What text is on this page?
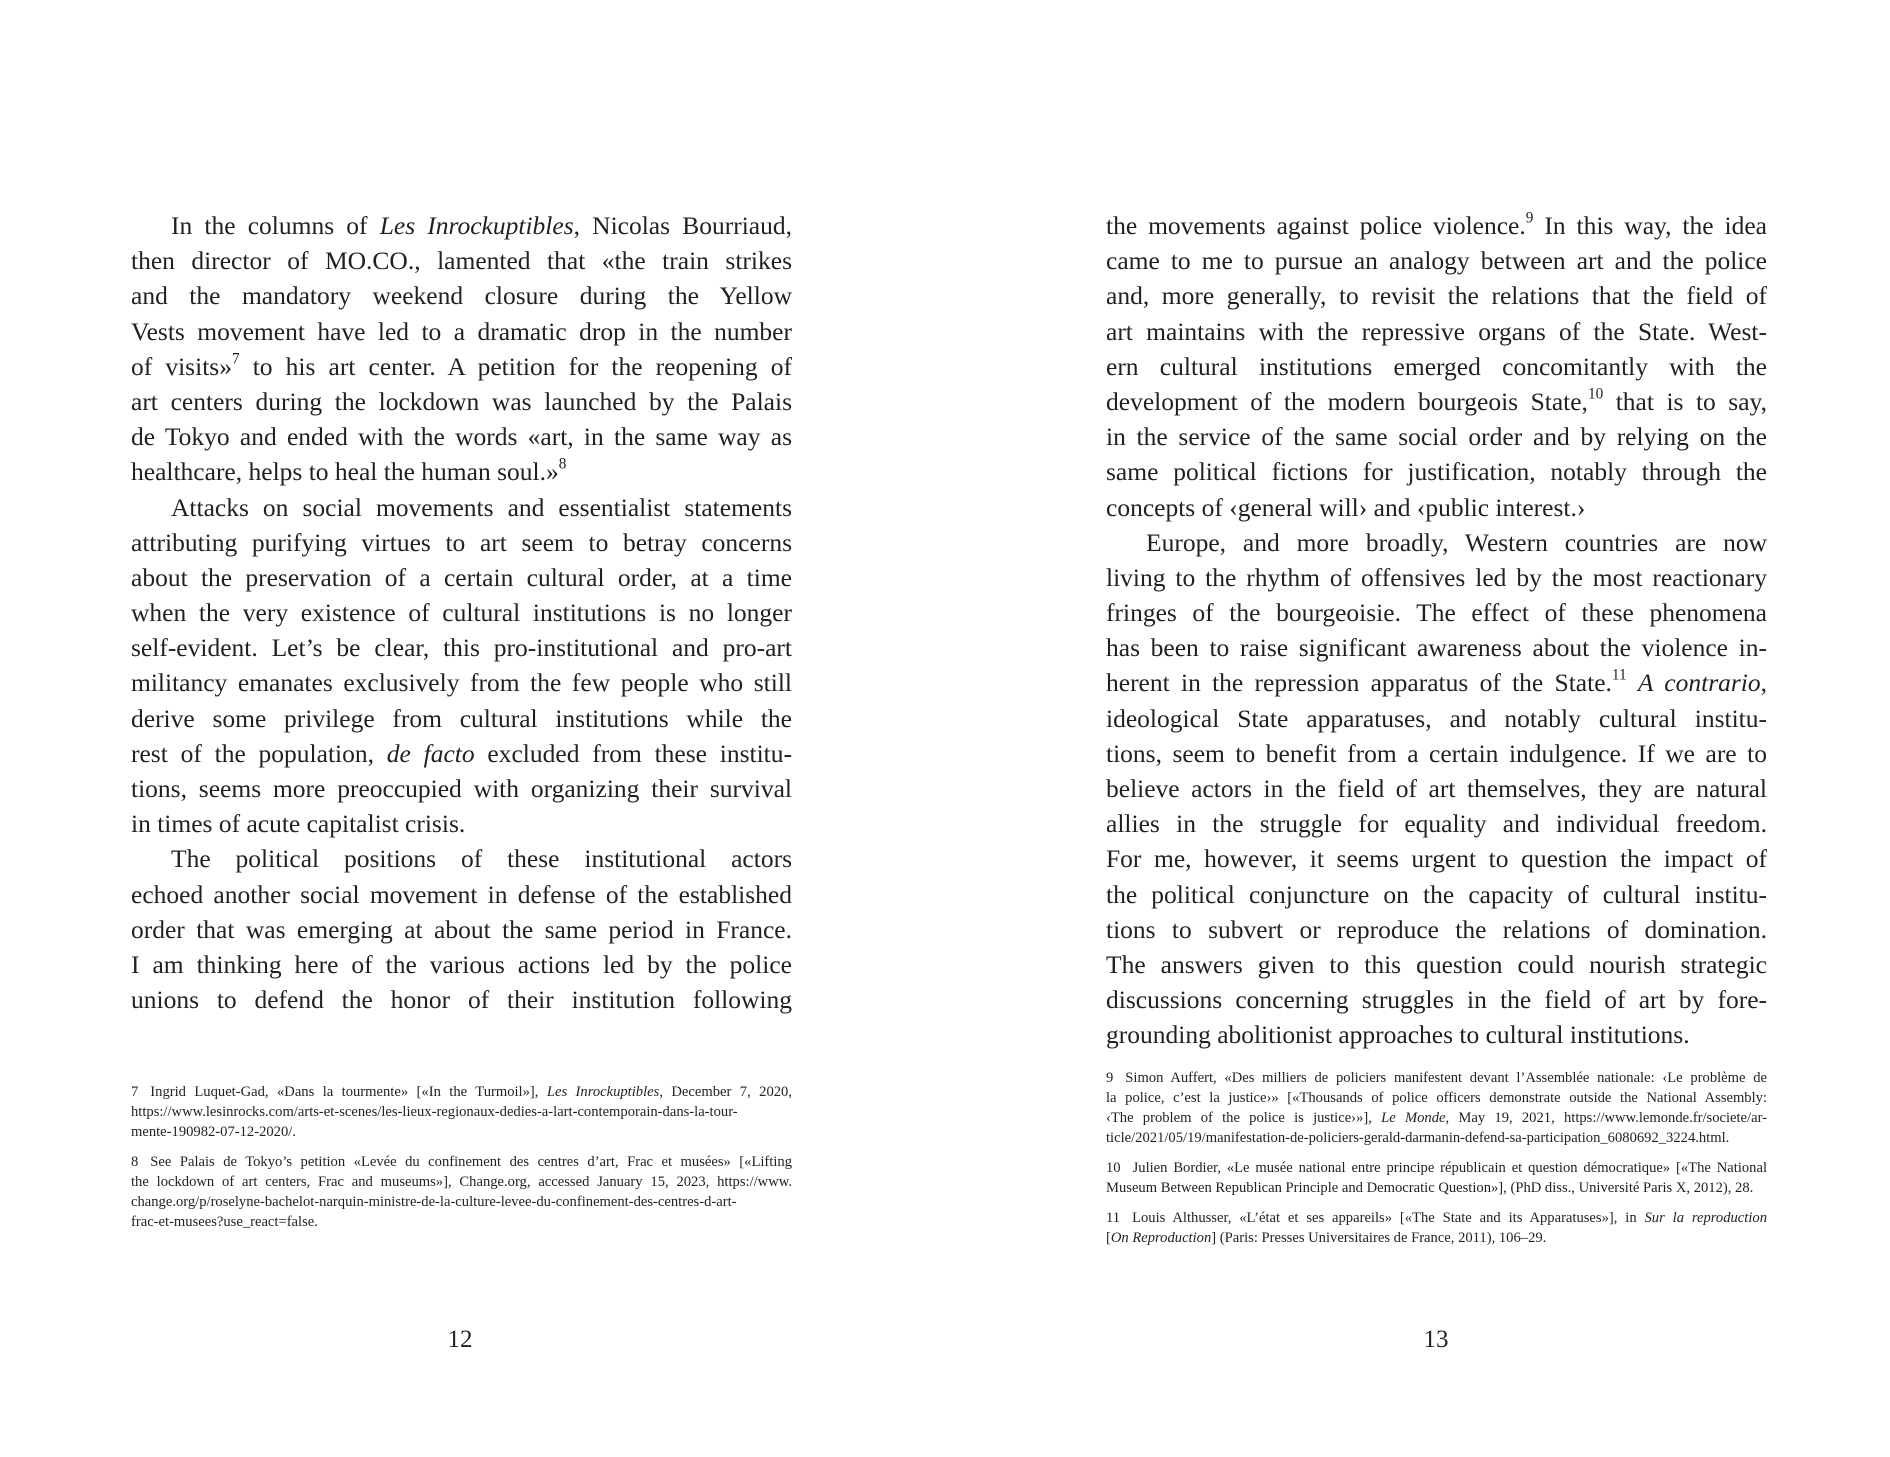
In the columns of Les Inrockuptibles, Nicolas Bourriaud,
then director of MO.CO., lamented that «the train strikes
and the mandatory weekend closure during the Yellow
Vests movement have led to a dramatic drop in the number
of visits»$^7$ to his art center. A petition for the reopening of
art centers during the lockdown was launched by the Palais
de Tokyo and ended with the words «art, in the same way as
healthcare, helps to heal the human soul.»$^8$
Attacks on social movements and essentialist statements
attributing purifying virtues to art seem to betray concerns
about the preservation of a certain cultural order, at a time
when the very existence of cultural institutions is no longer
self-evident. Let’s be clear, this pro-institutional and pro-art
militancy emanates exclusively from the few people who still
derive some privilege from cultural institutions while the
rest of the population, de facto excluded from these institu-
tions, seems more preoccupied with organizing their survival
in times of acute capitalist crisis.
The political positions of these institutional actors
echoed another social movement in defense of the established
order that was emerging at about the same period in France.
I am thinking here of the various actions led by the police
unions to defend the honor of their institution following
7 Ingrid Luquet-Gad, «Dans la tourmente» [«In the Turmoil»], Les Inrockuptibles, December 7, 2020,
https://www.lesinrocks.com/arts-et-scenes/les-lieux-regionaux-dedies-a-lart-contemporain-dans-la-tour-
mente-190982-07-12-2020/.
8 See Palais de Tokyo’s petition «Levée du confinement des centres d’art, Frac et musées» [«Lifting
the lockdown of art centers, Frac and museums»], Change.org, accessed January 15, 2023, https://www.
change.org/p/roselyne-bachelot-narquin-ministre-de-la-culture-levee-du-confinement-des-centres-d-art-
frac-et-musees?use_react=false.
12
the movements against police violence.$^9$ In this way, the idea
came to me to pursue an analogy between art and the police
and, more generally, to revisit the relations that the field of
art maintains with the repressive organs of the State. West-
ern cultural institutions emerged concomitantly with the
development of the modern bourgeois State,$^{10}$ that is to say,
in the service of the same social order and by relying on the
same political fictions for justification, notably through the
concepts of ‹general will› and ‹public interest.›
Europe, and more broadly, Western countries are now
living to the rhythm of offensives led by the most reactionary
fringes of the bourgeoisie. The effect of these phenomena
has been to raise significant awareness about the violence in-
herent in the repression apparatus of the State.$^{11}$ A contrario,
ideological State apparatuses, and notably cultural institu-
tions, seem to benefit from a certain indulgence. If we are to
believe actors in the field of art themselves, they are natural
allies in the struggle for equality and individual freedom.
For me, however, it seems urgent to question the impact of
the political conjuncture on the capacity of cultural institu-
tions to subvert or reproduce the relations of domination.
The answers given to this question could nourish strategic
discussions concerning struggles in the field of art by fore-
grounding abolitionist approaches to cultural institutions.
9 Simon Auffert, «Des milliers de policiers manifestent devant l’Assemblée nationale: ‹Le problème de
la police, c’est la justice›» [«Thousands of police officers demonstrate outside the National Assembly:
‹The problem of the police is justice›»], Le Monde, May 19, 2021, https://www.lemonde.fr/societe/ar-
ticle/2021/05/19/manifestation-de-policiers-gerald-darmanin-defend-sa-participation_6080692_3224.html.
10 Julien Bordier, «Le musée national entre principe républicain et question démocratique» [«The National
Museum Between Republican Principle and Democratic Question»], (PhD diss., Université Paris X, 2012), 28.
11 Louis Althusser, «L’état et ses appareils» [«The State and its Apparatuses»], in Sur la reproduction
[On Reproduction] (Paris: Presses Universitaires de France, 2011), 106–29.
13
